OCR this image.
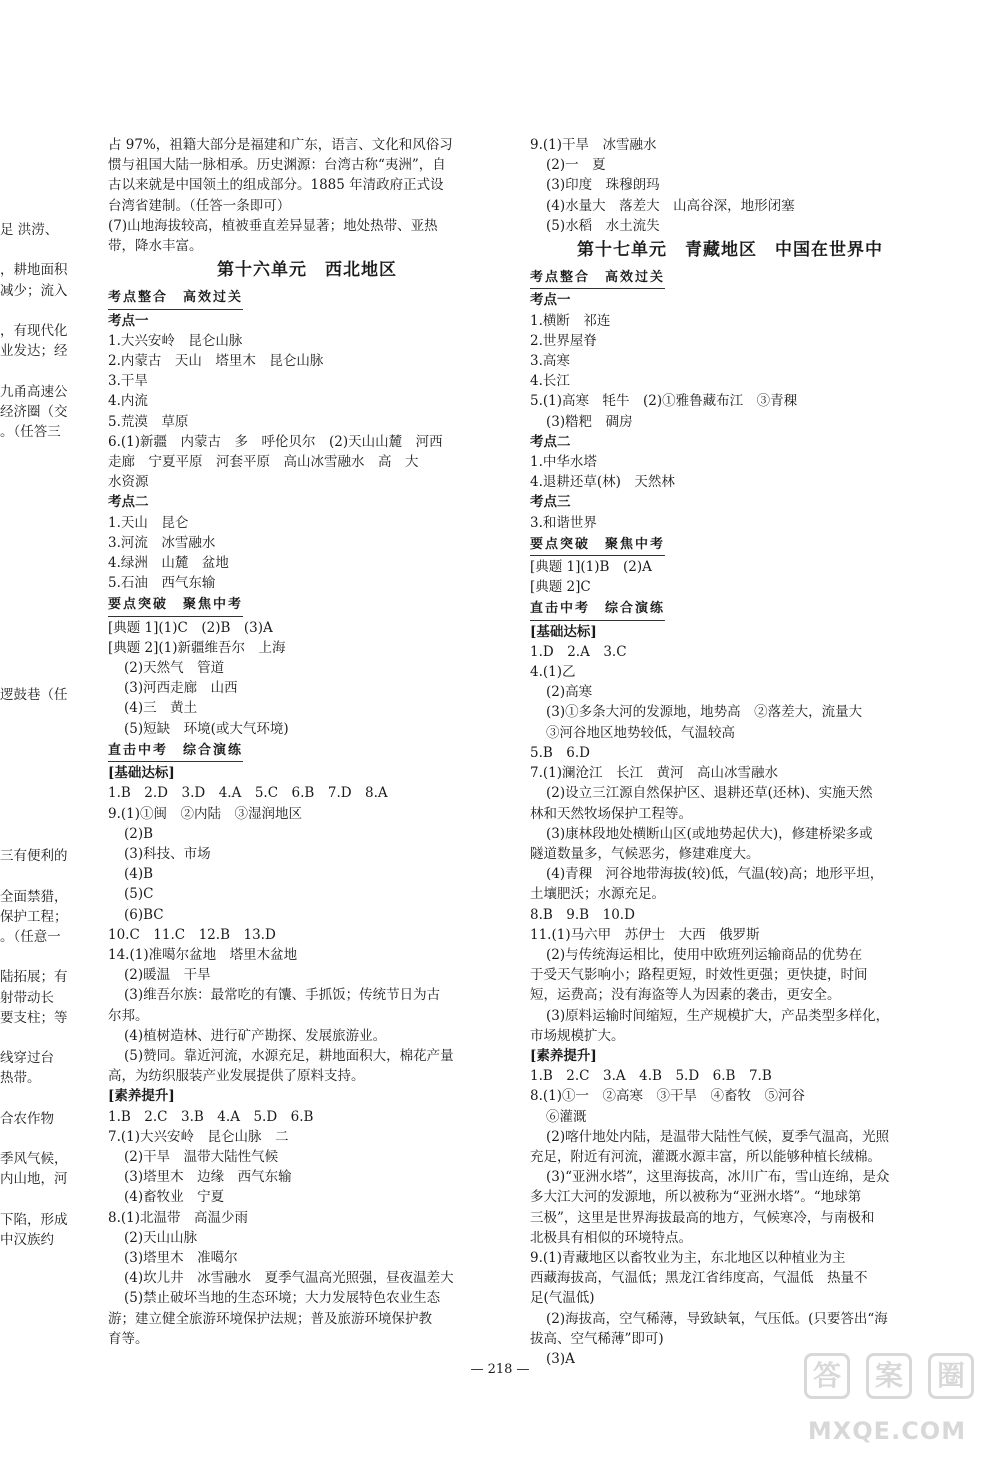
足 洪涝、
，耕地面积
减少；流入
，有现代化
业发达；经
九甬高速公
经济圈（交
。（任答三
逻鼓巷（任
三有便利的
全面禁猎，
保护工程；
。（任意一
陆拓展；有
射带动长
要支柱；等
线穿过台
热带。
合农作物
季风气候，
内山地，河
下陷，形成
中汉族约
占 97%，祖籍大部分是福建和广东，语言、文化和风俗习
惯与祖国大陆一脉相承。历史渊源：台湾古称“夷洲”，自
古以来就是中国领土的组成部分。1885 年清政府正式设
台湾省建制。（任答一条即可）
(7)山地海拔较高，植被垂直差异显著；地处热带、亚热
带，降水丰富。
第十六单元　西北地区
考点整合　高效过关
考点一
1.大兴安岭　昆仑山脉
2.内蒙古　天山　塔里木　昆仑山脉
3.干旱
4.内流
5.荒漠　草原
6.(1)新疆　内蒙古　多　呼伦贝尔　(2)天山山麓　河西
走廊　宁夏平原　河套平原　高山冰雪融水　高　大
水资源
考点二
1.天山　昆仑
3.河流　冰雪融水
4.绿洲　山麓　盆地
5.石油　西气东输
要点突破　聚焦中考
[典题 1](1)C　(2)B　(3)A
[典题 2](1)新疆维吾尔　上海
(2)天然气　管道
(3)河西走廊　山西
(4)三　黄土
(5)短缺　环境(或大气环境)
直击中考　综合演练
[基础达标]
1.B　2.D　3.D　4.A　5.C　6.B　7.D　8.A
9.(1)①闽　②内陆　③湿润地区
(2)B
(3)科技、市场
(4)B
(5)C
(6)BC
10.C　11.C　12.B　13.D
14.(1)准噶尔盆地　塔里木盆地
(2)暖温　干旱
(3)维吾尔族：最常吃的有馕、手抓饭；传统节日为古
尔邦。
(4)植树造林、进行矿产勘探、发展旅游业。
(5)赞同。靠近河流，水源充足，耕地面积大，棉花产量
高，为纺织服装产业发展提供了原料支持。
[素养提升]
1.B　2.C　3.B　4.A　5.D　6.B
7.(1)大兴安岭　昆仑山脉　二
(2)干旱　温带大陆性气候
(3)塔里木　边缘　西气东输
(4)畜牧业　宁夏
8.(1)北温带　高温少雨
(2)天山山脉
(3)塔里木　准噶尔
(4)坎儿井　冰雪融水　夏季气温高光照强，昼夜温差大
(5)禁止破坏当地的生态环境；大力发展特色农业生态
游；建立健全旅游环境保护法规；普及旅游环境保护教
育等。
9.(1)干旱　冰雪融水
(2)一　夏
(3)印度　珠穆朗玛
(4)水量大　落差大　山高谷深，地形闭塞
(5)水稻　水土流失
第十七单元　青藏地区　中国在世界中
考点整合　高效过关
考点一
1.横断　祁连
2.世界屋脊
3.高寒
4.长江
5.(1)高寒　牦牛　(2)①雅鲁藏布江　③青稞
(3)糌粑　碉房
考点二
1.中华水塔
4.退耕还草(林)　天然林
考点三
3.和谐世界
要点突破　聚焦中考
[典题 1](1)B　(2)A
[典题 2]C
直击中考　综合演练
[基础达标]
1.D　2.A　3.C
4.(1)乙
(2)高寒
(3)①多条大河的发源地，地势高　②落差大，流量大
③河谷地区地势较低，气温较高
5.B　6.D
7.(1)澜沧江　长江　黄河　高山冰雪融水
(2)设立三江源自然保护区、退耕还草(还林)、实施天然
林和天然牧场保护工程等。
(3)康林段地处横断山区(或地势起伏大)，修建桥梁多或
隧道数量多，气候恶劣，修建难度大。
(4)青稞　河谷地带海拔(较)低，气温(较)高；地形平坦，
土壤肥沃；水源充足。
8.B　9.B　10.D
11.(1)马六甲　苏伊士　大西　俄罗斯
(2)与传统海运相比，使用中欧班列运输商品的优势在
于受天气影响小；路程更短，时效性更强；更快捷，时间
短，运费高；没有海盗等人为因素的袭击，更安全。
(3)原料运输时间缩短，生产规模扩大，产品类型多样化，
市场规模扩大。
[素养提升]
1.B　2.C　3.A　4.B　5.D　6.B　7.B
8.(1)①一　②高寒　③干旱　④畜牧　⑤河谷
⑥灌溉
(2)喀什地处内陆，是温带大陆性气候，夏季气温高，光照
充足，附近有河流，灌溉水源丰富，所以能够种植长绒棉。
(3)“亚洲水塔”，这里海拔高，冰川广布，雪山连绵，是众
多大江大河的发源地，所以被称为“亚洲水塔”。“地球第
三极”，这里是世界海拔最高的地方，气候寒冷，与南极和
北极具有相似的环境特点。
9.(1)青藏地区以畜牧业为主，东北地区以种植业为主
西藏海拔高，气温低；黑龙江省纬度高，气温低　热量不
足(气温低)
(2)海拔高，空气稀薄，导致缺氧，气压低。(只要答出“海
拔高、空气稀薄”即可)
(3)A
— 218 —	答	案	圈
MXQE.COM
